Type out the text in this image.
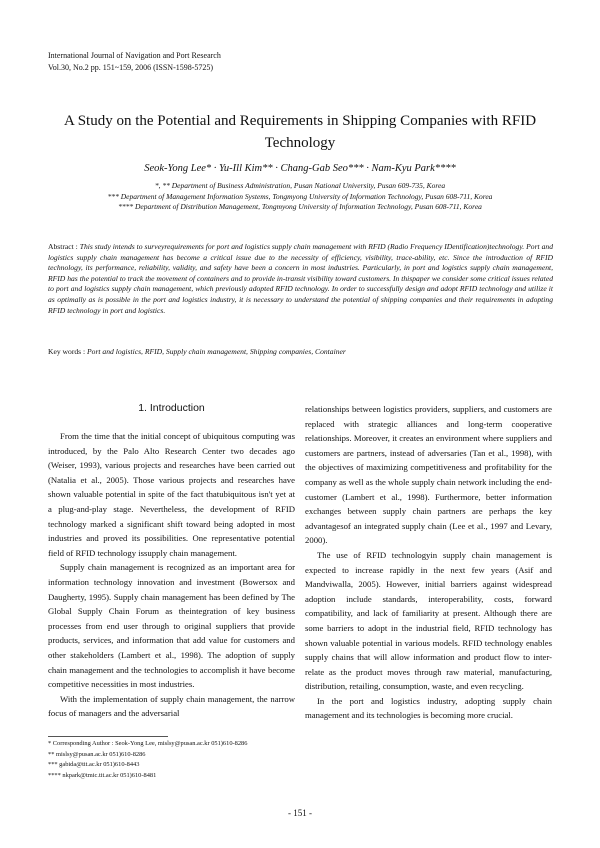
International Journal of Navigation and Port Research
Vol.30, No.2 pp. 151~159, 2006 (ISSN-1598-5725)
A Study on the Potential and Requirements in Shipping Companies with RFID Technology
Seok-Yong Lee* · Yu-Ill Kim** · Chang-Gab Seo*** · Nam-Kyu Park****
*, ** Department of Business Administration, Pusan National University, Pusan 609-735, Korea
*** Department of Management Information Systems, Tongmyong University of Information Technology, Pusan 608-711, Korea
**** Department of Distribution Management, Tongmyong University of Information Technology, Pusan 608-711, Korea
Abstract : This study intends to surveyrequirements for port and logistics supply chain management with RFID (Radio Frequency IDentification)technology. Port and logistics supply chain management has become a critical issue due to the necessity of efficiency, visibility, trace-ability, etc. Since the introduction of RFID technology, its performance, reliability, validity, and safety have been a concern in most industries. Particularly, in port and logistics supply chain management, RFID has the potential to track the movement of containers and to provide in-transit visibility toward customers. In thispaper we consider some critical issues related to port and logistics supply chain management, which previously adopted RFID technology. In order to successfully design and adopt RFID technology and utilize it as optimally as is possible in the port and logistics industry, it is necessary to understand the potential of shipping companies and their requirements in adopting RFID technology in port and logistics.
Key words : Port and logistics, RFID, Supply chain management, Shipping companies, Container
1. Introduction

From the time that the initial concept of ubiquitous computing was introduced, by the Palo Alto Research Center two decades ago (Weiser, 1993), various projects and researches have been carried out (Natalia et al., 2005). Those various projects and researches have shown valuable potential in spite of the fact thatubiquitous isn't yet at a plug-and-play stage. Nevertheless, the development of RFID technology marked a significant shift toward being adopted in most industries and proved its possibilities. One representative potential field of RFID technology issupply chain management.

Supply chain management is recognized as an important area for information technology innovation and investment (Bowersox and Daugherty, 1995). Supply chain management has been defined by The Global Supply Chain Forum as theintegration of key business processes from end user through to original suppliers that provide products, services, and information that add value for customers and other stakeholders (Lambert et al., 1998). The adoption of supply chain management and the technologies to accomplish it have become competitive necessities in most industries.

With the implementation of supply chain management, the narrow focus of managers and the adversarial

relationships between logistics providers, suppliers, and customers are replaced with strategic alliances and long-term cooperative relationships. Moreover, it creates an environment where suppliers and customers are partners, instead of adversaries (Tan et al., 1998), with the objectives of maximizing competitiveness and profitability for the company as well as the whole supply chain network including the end-customer (Lambert et al., 1998). Furthermore, better information exchanges between supply chain partners are perhaps the key advantagesof an integrated supply chain (Lee et al., 1997 and Levary, 2000).

The use of RFID technologyin supply chain management is expected to increase rapidly in the next few years (Asif and Mandviwalla, 2005). However, initial barriers against widespread adoption include standards, interoperability, costs, forward compatibility, and lack of familiarity at present. Although there are some barriers to adopt in the industrial field, RFID technology has shown valuable potential in various models. RFID technology enables supply chains that will allow information and product flow to inter-relate as the product moves through raw material, manufacturing, distribution, retailing, consumption, waste, and even recycling.

In the port and logistics industry, adopting supply chain management and its technologies is becoming more crucial.

* Corresponding Author : Seok-Yong Lee, mislsy@pusan.ac.kr 051)610-8286
** mislsy@pusan.ac.kr 051)610-8286
*** gabida@tit.ac.kr 051)610-8443
**** nkpark@tmic.tit.ac.kr 051)610-8481
- 151 -
